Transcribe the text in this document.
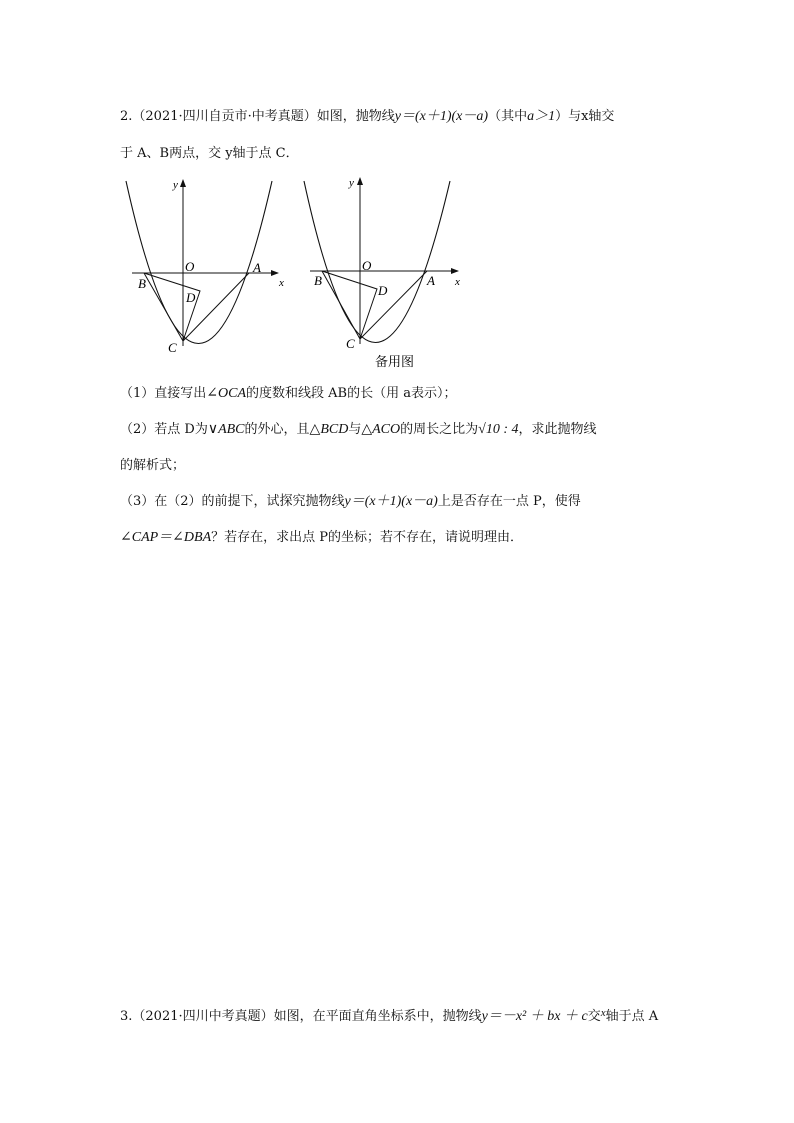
2.（2021·四川自贡市·中考真题）如图，抛物线y＝(x＋1)(x－a)（其中a＞1）与x轴交
于 A、B两点，交 y轴于点 C．
y
x
O	A
B
C
D
y
x
O
A
B
C
D
备用图
（1）直接写出∠OCA的度数和线段 AB的长（用 a表示）；
（2）若点 D为∨ABC的外心，且△BCD与△ACO的周长之比为√10 : 4，求此抛物线
的解析式；
（3）在（2）的前提下，试探究抛物线y＝(x＋1)(x－a)上是否存在一点 P，使得
∠CAP＝∠DBA？若存在，求出点 P的坐标；若不存在，请说明理由．
3.（2021·四川中考真题）如图，在平面直角坐标系中，抛物线y＝－x² ＋ bx ＋ c交$^x$轴于点 A
